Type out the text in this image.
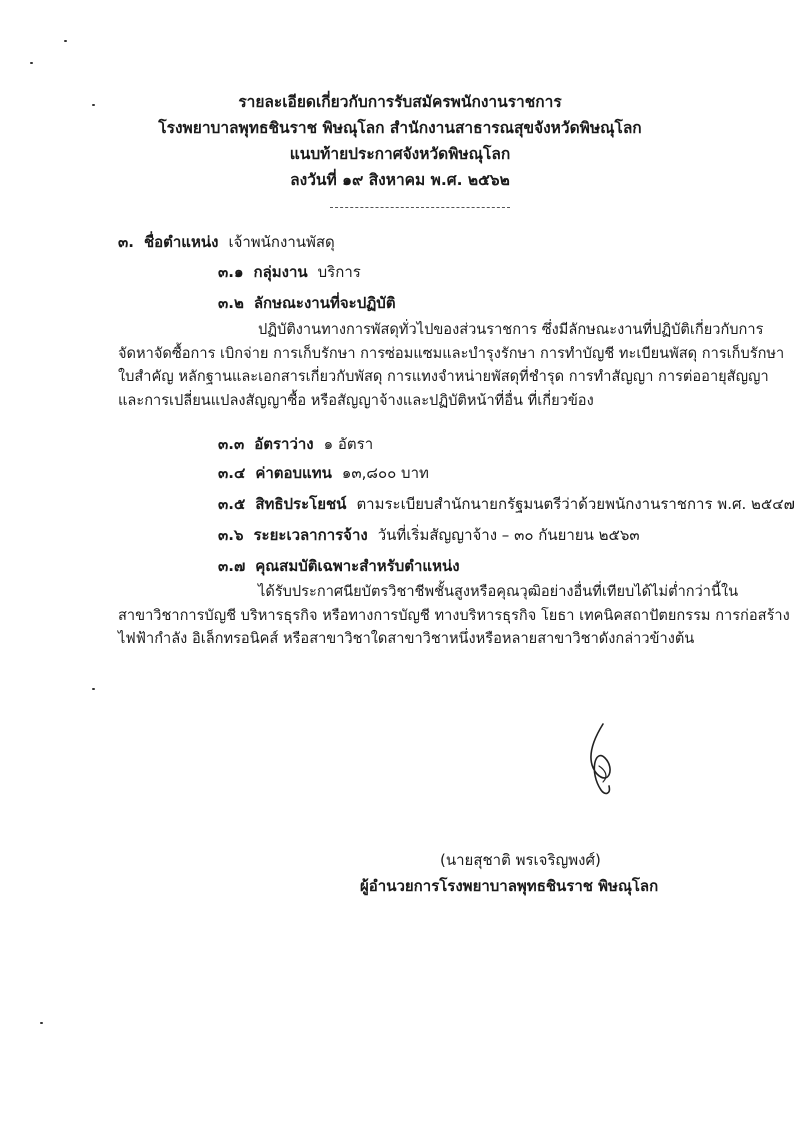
รายละเอียดเกี่ยวกับการรับสมัครพนักงานราชการ
โรงพยาบาลพุทธชินราช พิษณุโลก สำนักงานสาธารณสุขจังหวัดพิษณุโลก
แนบท้ายประกาศจังหวัดพิษณุโลก
ลงวันที่ ๑๙ สิงหาคม พ.ศ. ๒๕๖๒
๓. ชื่อตำแหน่ง เจ้าพนักงานพัสดุ
๓.๑ กลุ่มงาน บริการ
๓.๒ ลักษณะงานที่จะปฏิบัติ
ปฏิบัติงานทางการพัสดุทั่วไปของส่วนราชการ ซึ่งมีลักษณะงานที่ปฏิบัติเกี่ยวกับการ
จัดหาจัดซื้อการ เบิกจ่าย การเก็บรักษา การซ่อมแซมและบำรุงรักษา การทำบัญชี ทะเบียนพัสดุ การเก็บรักษา
ใบสำคัญ หลักฐานและเอกสารเกี่ยวกับพัสดุ การแทงจำหน่ายพัสดุที่ชำรุด การทำสัญญา การต่ออายุสัญญา
และการเปลี่ยนแปลงสัญญาซื้อ หรือสัญญาจ้างและปฏิบัติหน้าที่อื่น ที่เกี่ยวข้อง
๓.๓ อัตราว่าง ๑ อัตรา
๓.๔ ค่าตอบแทน ๑๓,๘๐๐ บาท
๓.๕ สิทธิประโยชน์ ตามระเบียบสำนักนายกรัฐมนตรีว่าด้วยพนักงานราชการ พ.ศ. ๒๕๔๗
๓.๖ ระยะเวลาการจ้าง วันที่เริ่มสัญญาจ้าง – ๓๐ กันยายน ๒๕๖๓
๓.๗ คุณสมบัติเฉพาะสำหรับตำแหน่ง
ได้รับประกาศนียบัตรวิชาชีพชั้นสูงหรือคุณวุฒิอย่างอื่นที่เทียบได้ไม่ต่ำกว่านี้ใน
สาขาวิชาการบัญชี บริหารธุรกิจ หรือทางการบัญชี ทางบริหารธุรกิจ โยธา เทคนิคสถาปัตยกรรม การก่อสร้าง
ไฟฟ้ากำลัง อิเล็กทรอนิคส์ หรือสาขาวิชาใดสาขาวิชาหนึ่งหรือหลายสาขาวิชาดังกล่าวข้างต้น
(นายสุชาติ พรเจริญพงศ์)
ผู้อำนวยการโรงพยาบาลพุทธชินราช พิษณุโลก
